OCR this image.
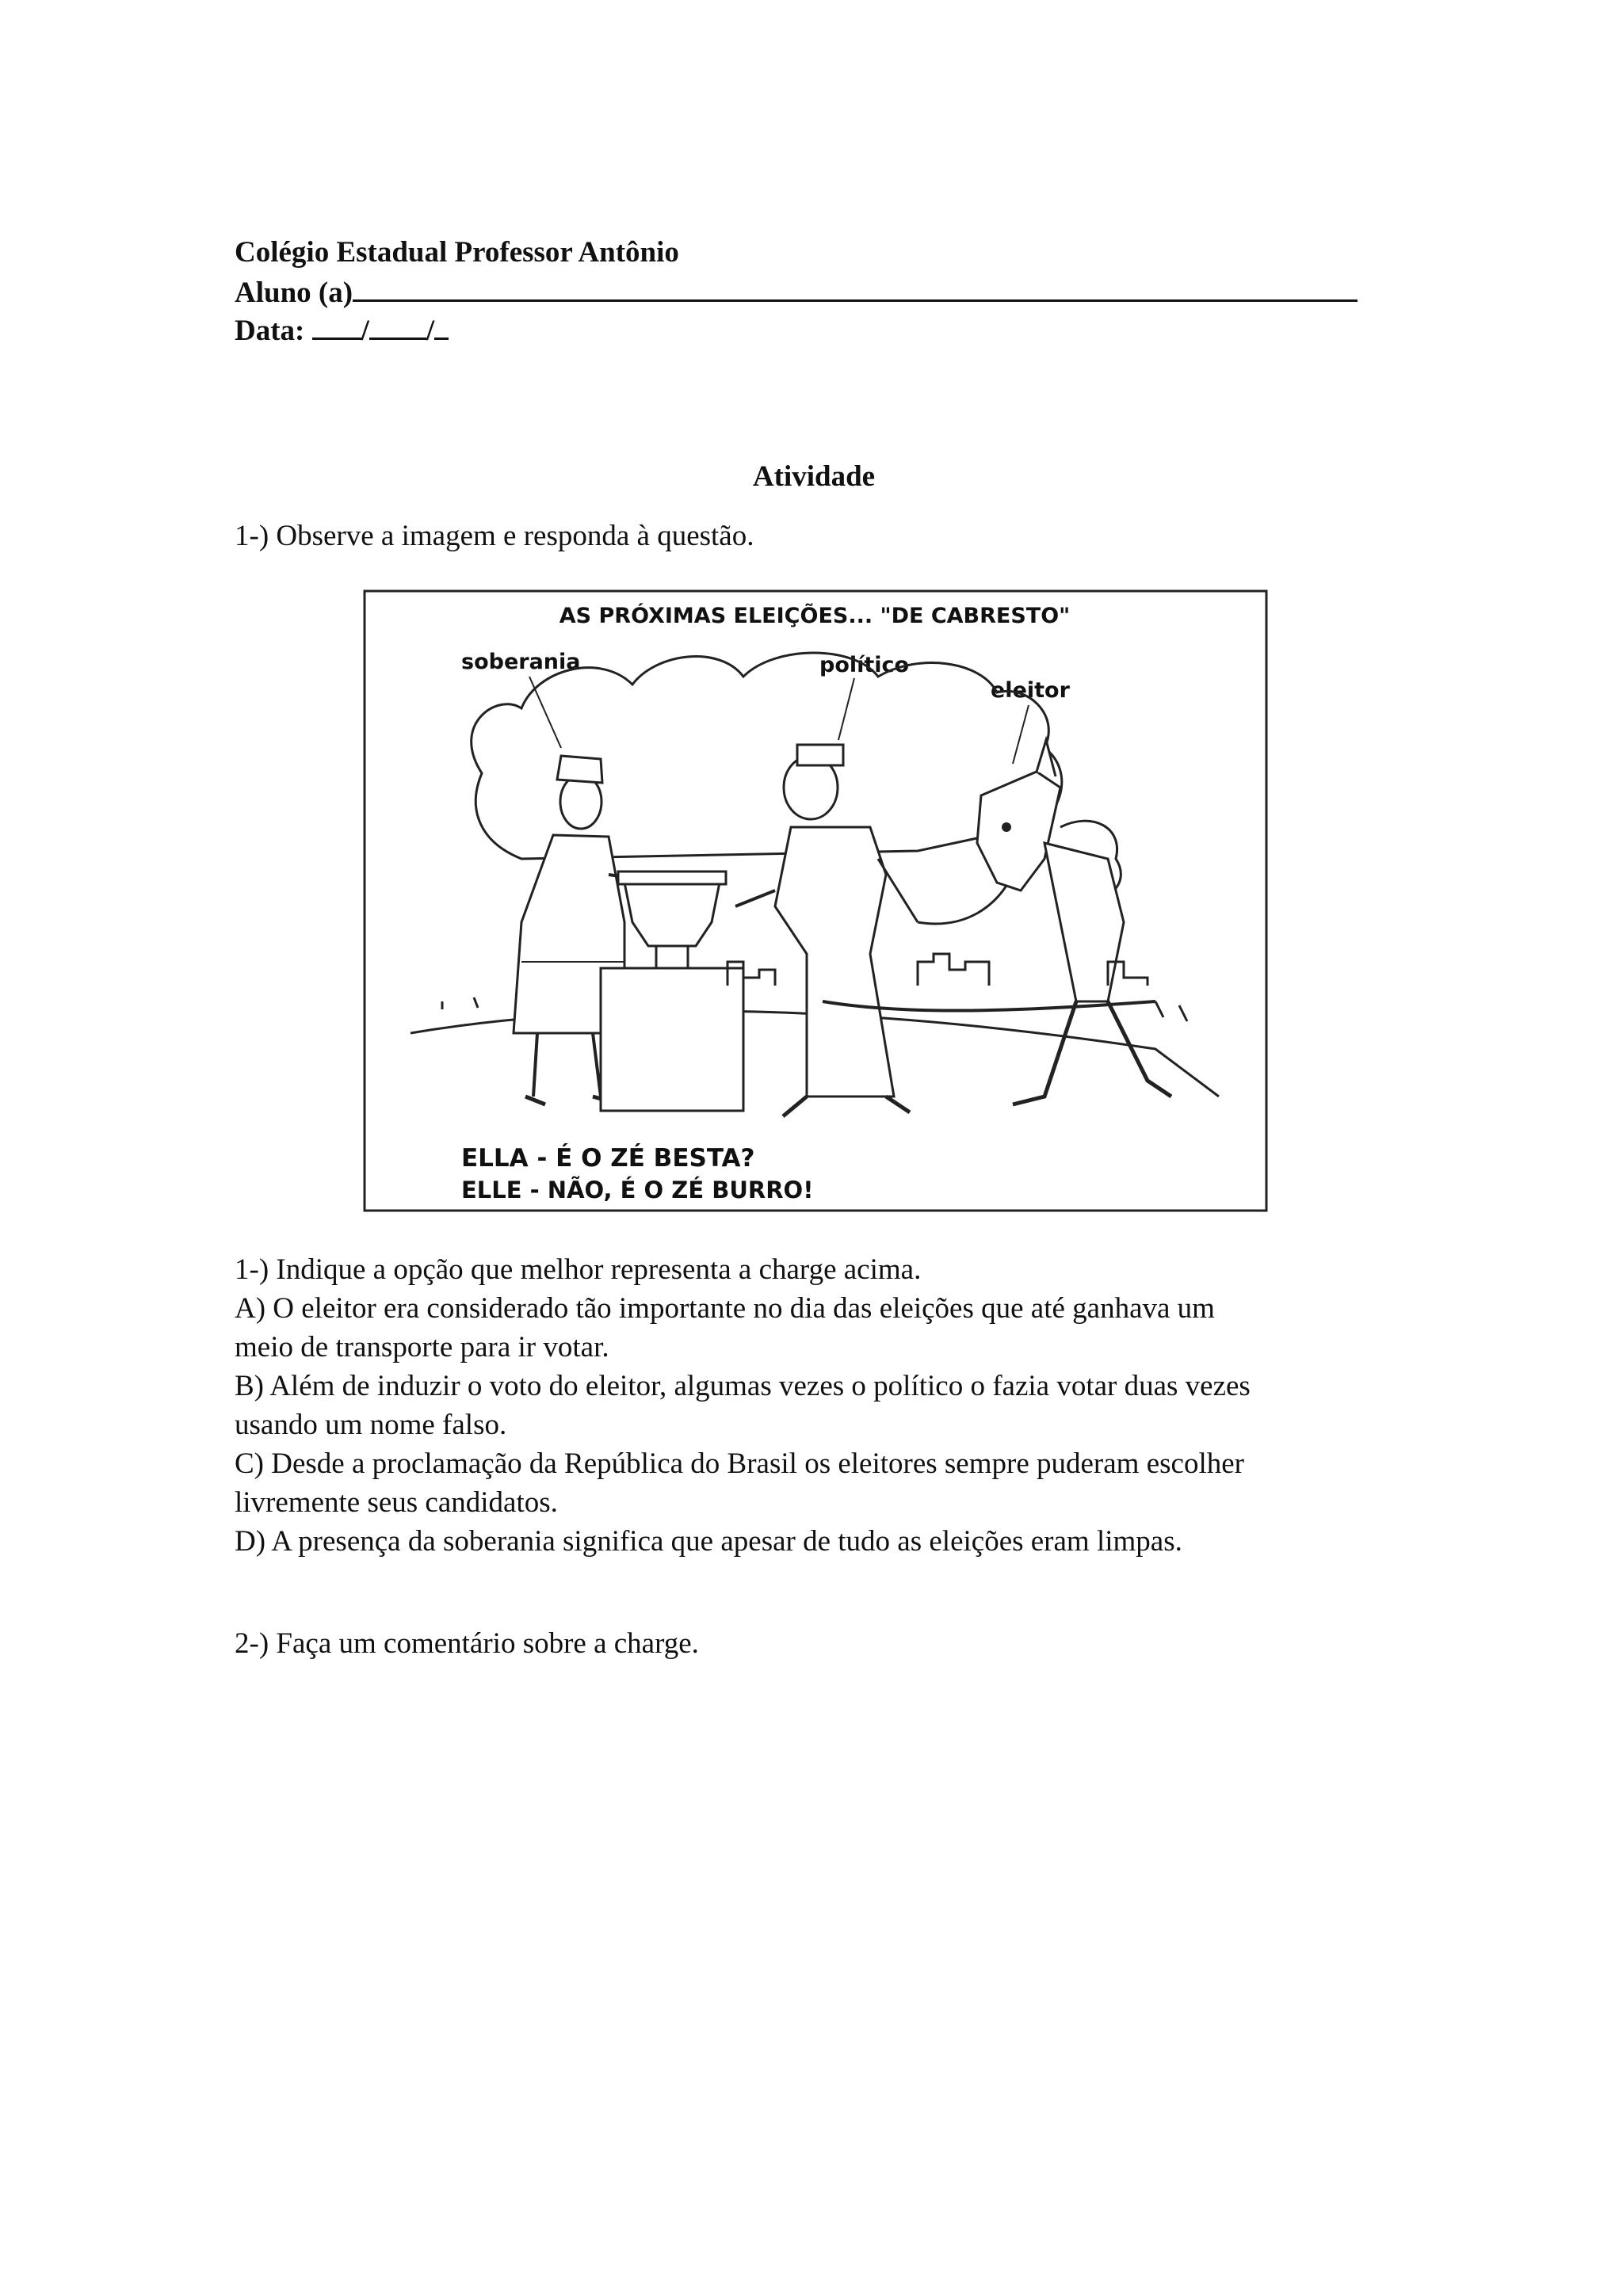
Colégio Estadual Professor Antônio
Aluno (a)
Data: / /
Atividade
1-) Observe a imagem e responda à questão.
AS PRÓXIMAS ELEIÇÕES... "DE CABRESTO"
soberania	político
eleitor
ELLA - É O ZÉ BESTA?
ELLE - NÃO, É O ZÉ BURRO!
1-) Indique a opção que melhor representa a charge acima.
A) O eleitor era considerado tão importante no dia das eleições que até ganhava um
meio de transporte para ir votar.
B) Além de induzir o voto do eleitor, algumas vezes o político o fazia votar duas vezes
usando um nome falso.
C) Desde a proclamação da República do Brasil os eleitores sempre puderam escolher
livremente seus candidatos.
D) A presença da soberania significa que apesar de tudo as eleições eram limpas.
2-) Faça um comentário sobre a charge.
